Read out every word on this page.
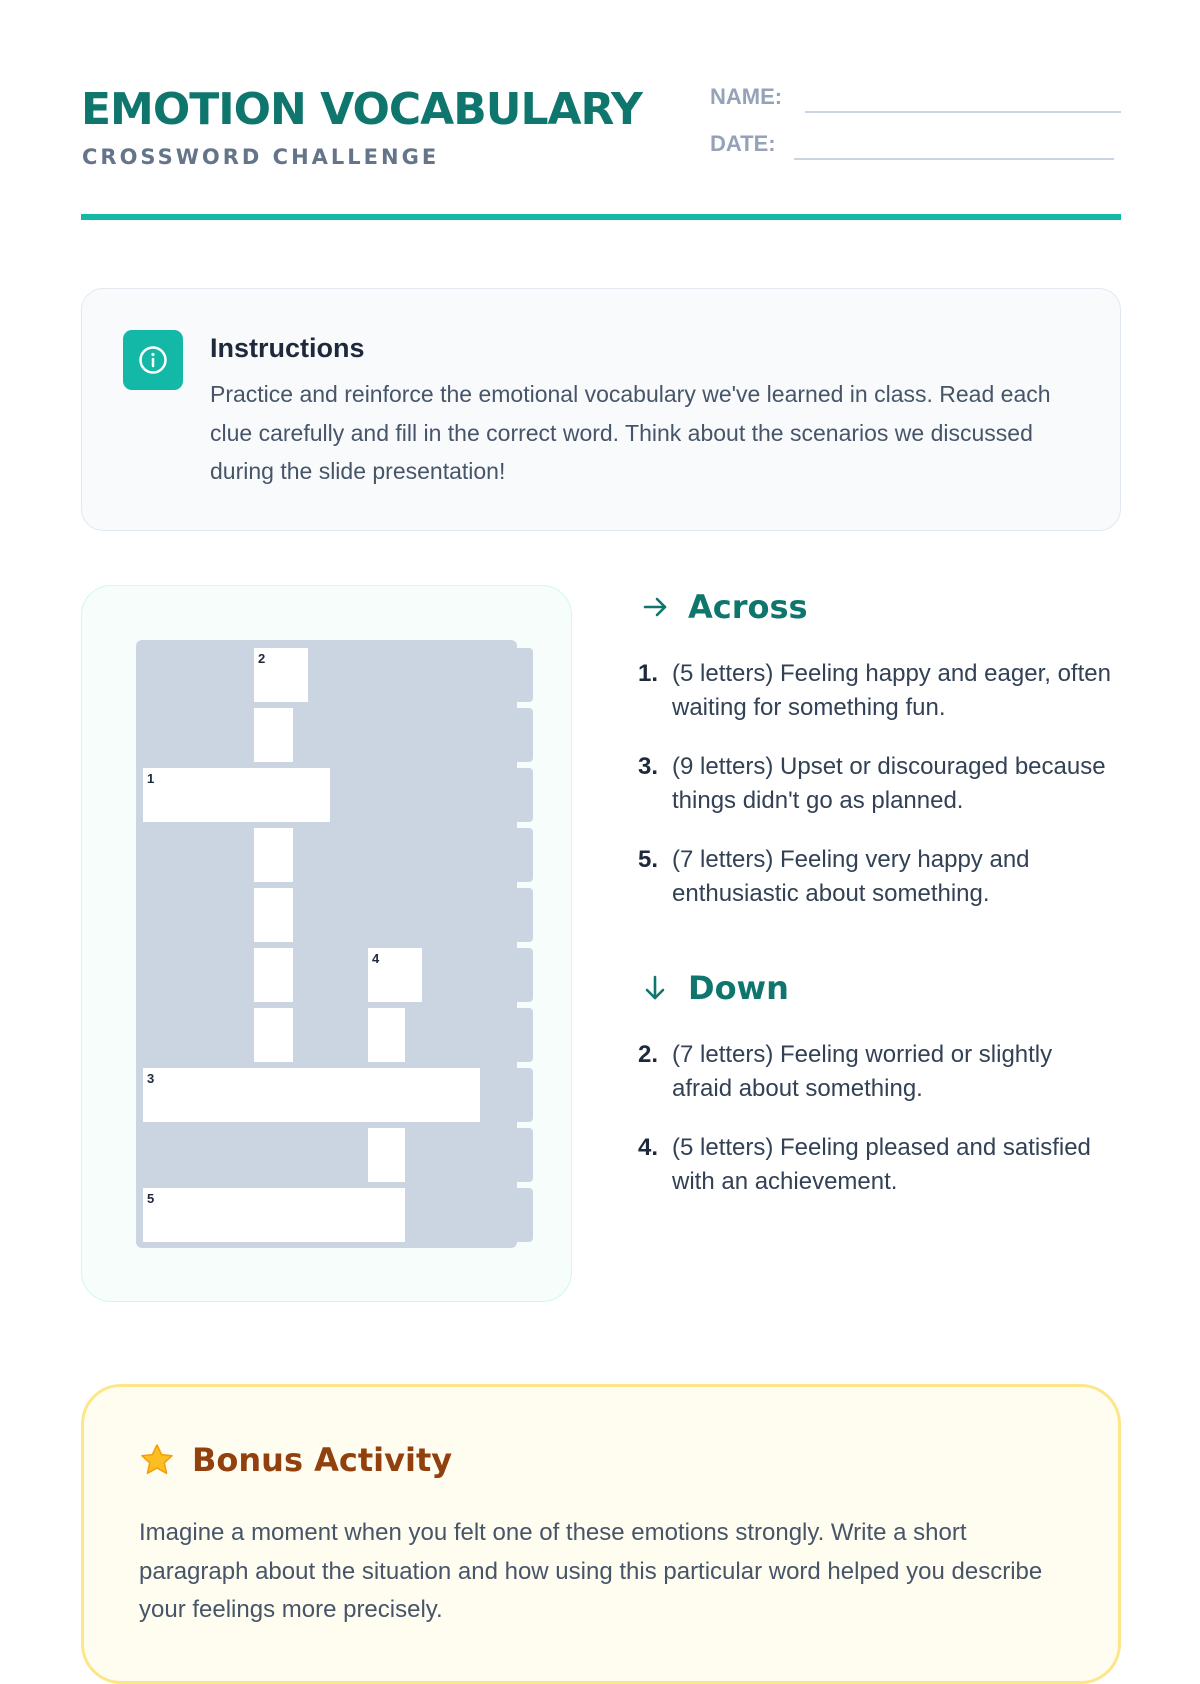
EMOTION VOCABULARY
CROSSWORD CHALLENGE
NAME:
DATE:
Instructions
Practice and reinforce the emotional vocabulary we've learned in class. Read each clue carefully and fill in the correct word. Think about the scenarios we discussed during the slide presentation!
2
1
4
3
5
Across
1. (5 letters) Feeling happy and eager, often waiting for something fun.
3. (9 letters) Upset or discouraged because things didn't go as planned.
5. (7 letters) Feeling very happy and enthusiastic about something.
Down
2. (7 letters) Feeling worried or slightly afraid about something.
4. (5 letters) Feeling pleased and satisfied with an achievement.
Bonus Activity
Imagine a moment when you felt one of these emotions strongly. Write a short paragraph about the situation and how using this particular word helped you describe your feelings more precisely.
